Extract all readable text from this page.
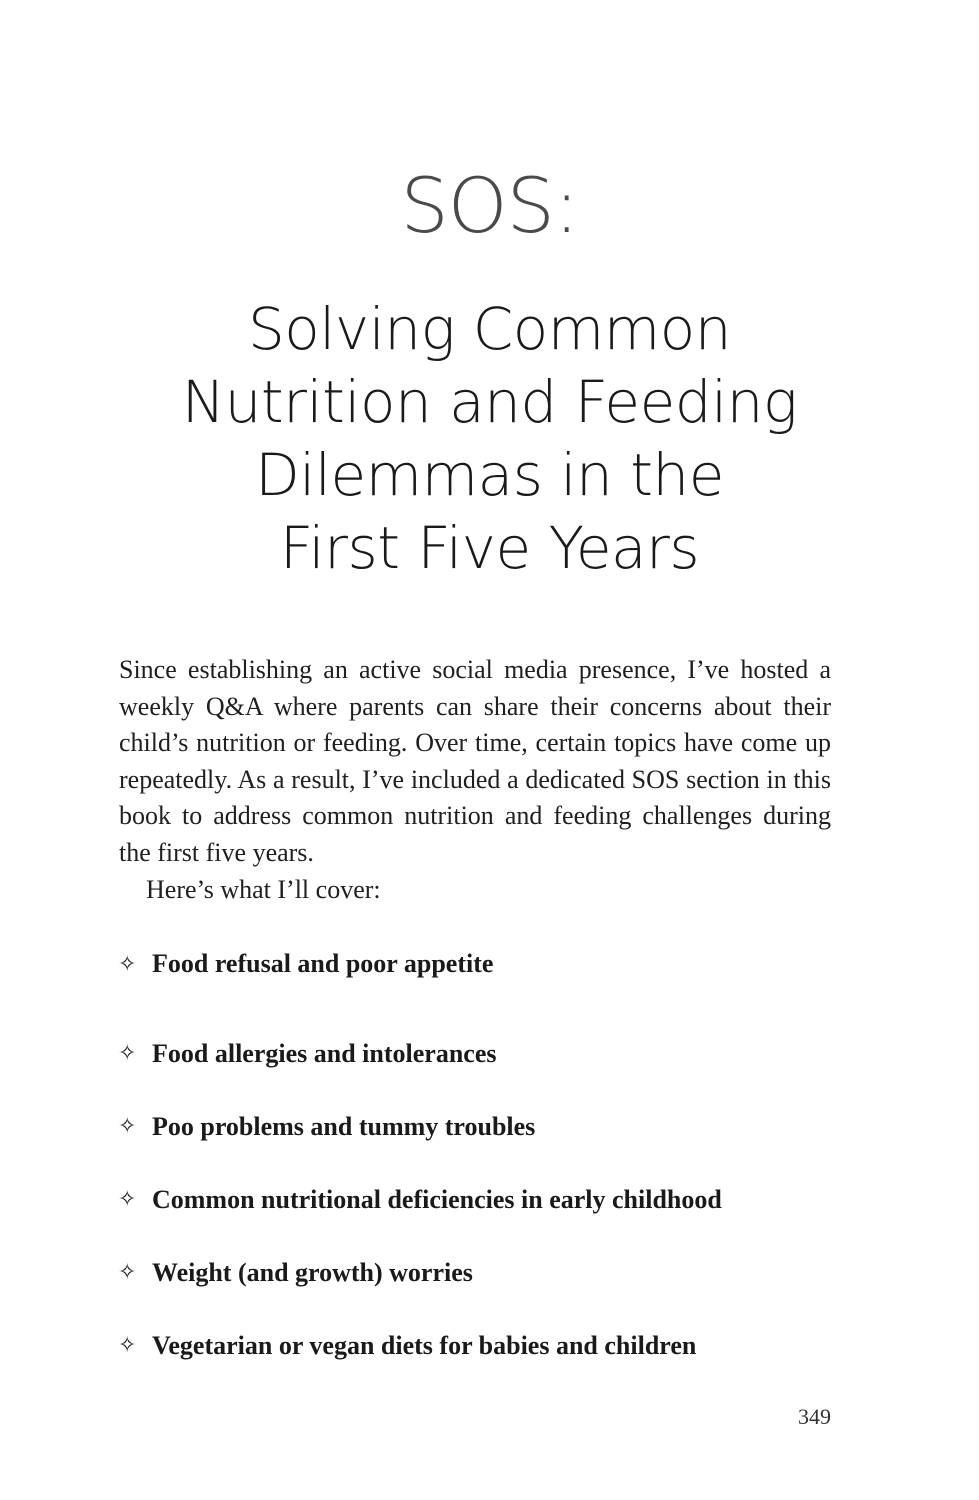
SOS:
Solving Common
Nutrition and Feeding
Dilemmas in the
First Five Years

Since establishing an active social media presence, I’ve hosted a weekly Q&A where parents can share their concerns about their child’s nutrition or feeding. Over time, certain topics have come up repeatedly. As a result, I’ve included a dedicated SOS section in this book to address common nutrition and feeding challenges during the first five years.

Here’s what I’ll cover:

✧ Food refusal and poor appetite
✧ Food allergies and intolerances
✧ Poo problems and tummy troubles
✧ Common nutritional deficiencies in early childhood
✧ Weight (and growth) worries
✧ Vegetarian or vegan diets for babies and children
349
